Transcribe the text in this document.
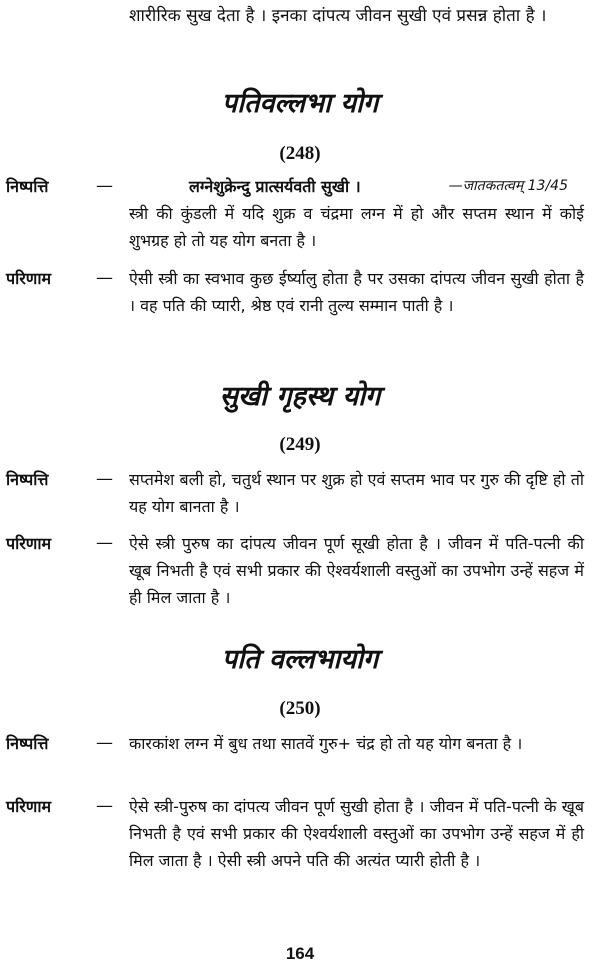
शारीरिक सुख देता है । इनका दांपत्य जीवन सुखी एवं प्रसन्न होता है ।
पतिवल्लभा योग
(248)
निष्पत्ति	—	लग्नेशुक्रेन्दु प्रात्सर्यवती सुखी ।	—जातकतत्वम् 13/45
स्त्री की कुंडली में यदि शुक्र व चंद्रमा लग्न में हो और सप्तम स्थान में कोई शुभग्रह हो तो यह योग बनता है ।
परिणाम	— ऐसी स्त्री का स्वभाव कुछ ईर्ष्यालु होता है पर उसका दांपत्य जीवन सुखी होता है । वह पति की प्यारी, श्रेष्ठ एवं रानी तुल्य सम्मान पाती है ।
सुखी गृहस्थ योग
(249)
निष्पत्ति	— सप्तमेश बली हो, चतुर्थ स्थान पर शुक्र हो एवं सप्तम भाव पर गुरु की दृष्टि हो तो यह योग बानता है ।
परिणाम	— ऐसे स्त्री पुरुष का दांपत्य जीवन पूर्ण सूखी होता है । जीवन में पति-पत्नी की खूब निभती है एवं सभी प्रकार की ऐश्वर्यशाली वस्तुओं का उपभोग उन्हें सहज में ही मिल जाता है ।
पति वल्लभायोग
(250)
निष्पत्ति	— कारकांश लग्न में बुध तथा सातवें गुरु+ चंद्र हो तो यह योग बनता है ।
परिणाम	— ऐसे स्त्री-पुरुष का दांपत्य जीवन पूर्ण सुखी होता है । जीवन में पति-पत्नी के खूब निभती है एवं सभी प्रकार की ऐश्वर्यशाली वस्तुओं का उपभोग उन्हें सहज में ही मिल जाता है । ऐसी स्त्री अपने पति की अत्यंत प्यारी होती है ।
164
